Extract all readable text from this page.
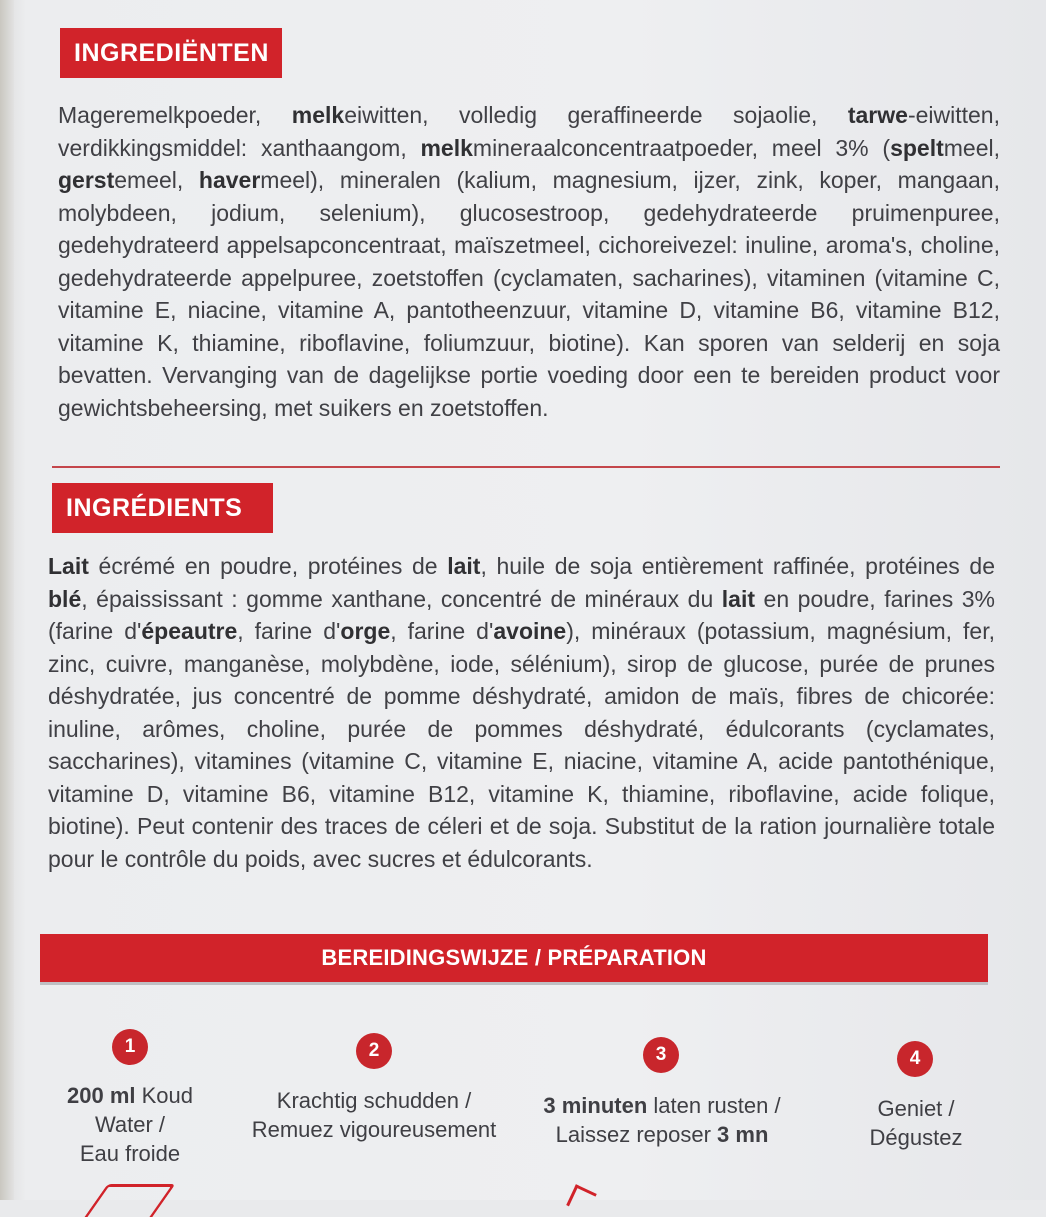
INGREDIËNTEN
Mageremelkpoeder, melkeiwitten, volledig geraffineerde sojaolie, tarwe-eiwitten, verdikkingsmiddel: xanthaangom, melkmineraalconcentraatpoeder, meel 3% (speltmeel, gerstemeel, havermeel), mineralen (kalium, magnesium, ijzer, zink, koper, mangaan, molybdeen, jodium, selenium), glucosestroop, gedehydrateerde pruimenpuree, gedehydrateerd appelsapconcentraat, maïszetmeel, cichoreivezel: inuline, aroma's, choline, gedehydrateerde appelpuree, zoetstoffen (cyclamaten, sacharines), vitaminen (vitamine C, vitamine E, niacine, vitamine A, pantotheenzuur, vitamine D, vitamine B6, vitamine B12, vitamine K, thiamine, riboflavine, foliumzuur, biotine). Kan sporen van selderij en soja bevatten. Vervanging van de dagelijkse portie voeding door een te bereiden product voor gewichtsbeheersing, met suikers en zoetstoffen.
INGRÉDIENTS
Lait écrémé en poudre, protéines de lait, huile de soja entièrement raffinée, protéines de blé, épaississant : gomme xanthane, concentré de minéraux du lait en poudre, farines 3% (farine d'épeautre, farine d'orge, farine d'avoine), minéraux (potassium, magnésium, fer, zinc, cuivre, manganèse, molybdène, iode, sélénium), sirop de glucose, purée de prunes déshydratée, jus concentré de pomme déshydraté, amidon de maïs, fibres de chicorée: inuline, arômes, choline, purée de pommes déshydraté, édulcorants (cyclamates, saccharines), vitamines (vitamine C, vitamine E, niacine, vitamine A, acide pantothénique, vitamine D, vitamine B6, vitamine B12, vitamine K, thiamine, riboflavine, acide folique, biotine). Peut contenir des traces de céleri et de soja. Substitut de la ration journalière totale pour le contrôle du poids, avec sucres et édulcorants.
BEREIDINGSWIJZE / PRÉPARATION
1
200 ml Koud
Water /
Eau froide
2
Krachtig schudden /
Remuez vigoureusement
3
3 minuten laten rusten /
Laissez reposer 3 mn
4
Geniet /
Dégustez
